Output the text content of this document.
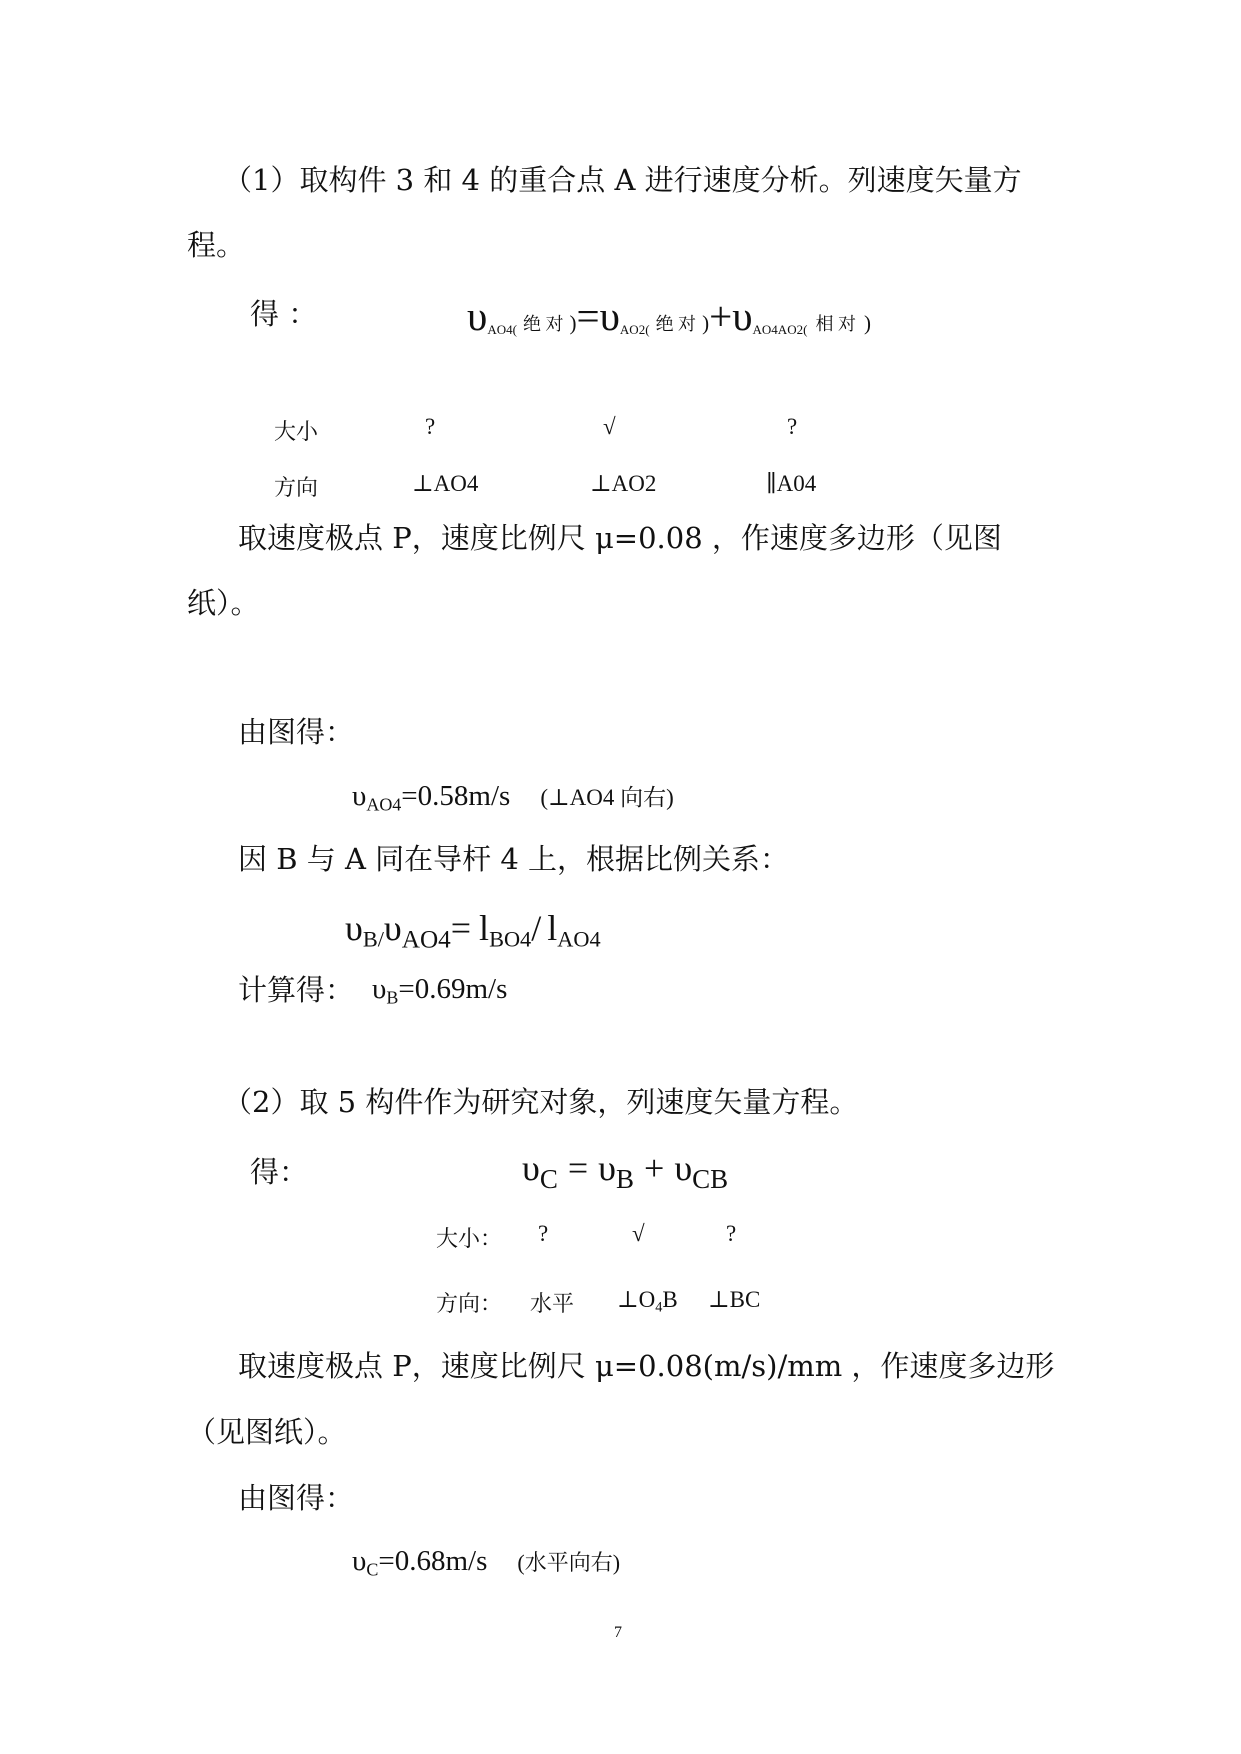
（1）取构件 3 和 4 的重合点 A 进行速度分析。列速度矢量方
程。
得 ：	$\upsilon_{AO4(}$ 绝 对 )$=\upsilon_{AO2(}$ 绝 对 )$+\upsilon_{AO4AO2(}$ 相 对 )
大小	?	√	?
方向	⊥AO4	⊥AO2	∥A04
取速度极点 P，速度比例尺 μ=0.08 ，作速度多边形（见图
纸）。
由图得：
$\upsilon_{AO4}=0.58m/s$ (⊥AO4 向右)
因 B 与 A 同在导杆 4 上，根据比例关系：
$\upsilon_{B/}\upsilon_{AO4}= l_{BO4}/$ $l_{AO4}$
计算得： $\upsilon_B=0.69m/s$
（2）取 5 构件作为研究对象，列速度矢量方程。
得：	$\upsilon_C = \upsilon_B + \upsilon_{CB}$
大小： ?	√	?
方向： 水平 $\perp O_4B$ ⊥BC
取速度极点 P，速度比例尺 μ=0.08(m/s)/mm ，作速度多边形
（见图纸）。
由图得：
$\upsilon_C=0.68m/s$ (水平向右)
7
